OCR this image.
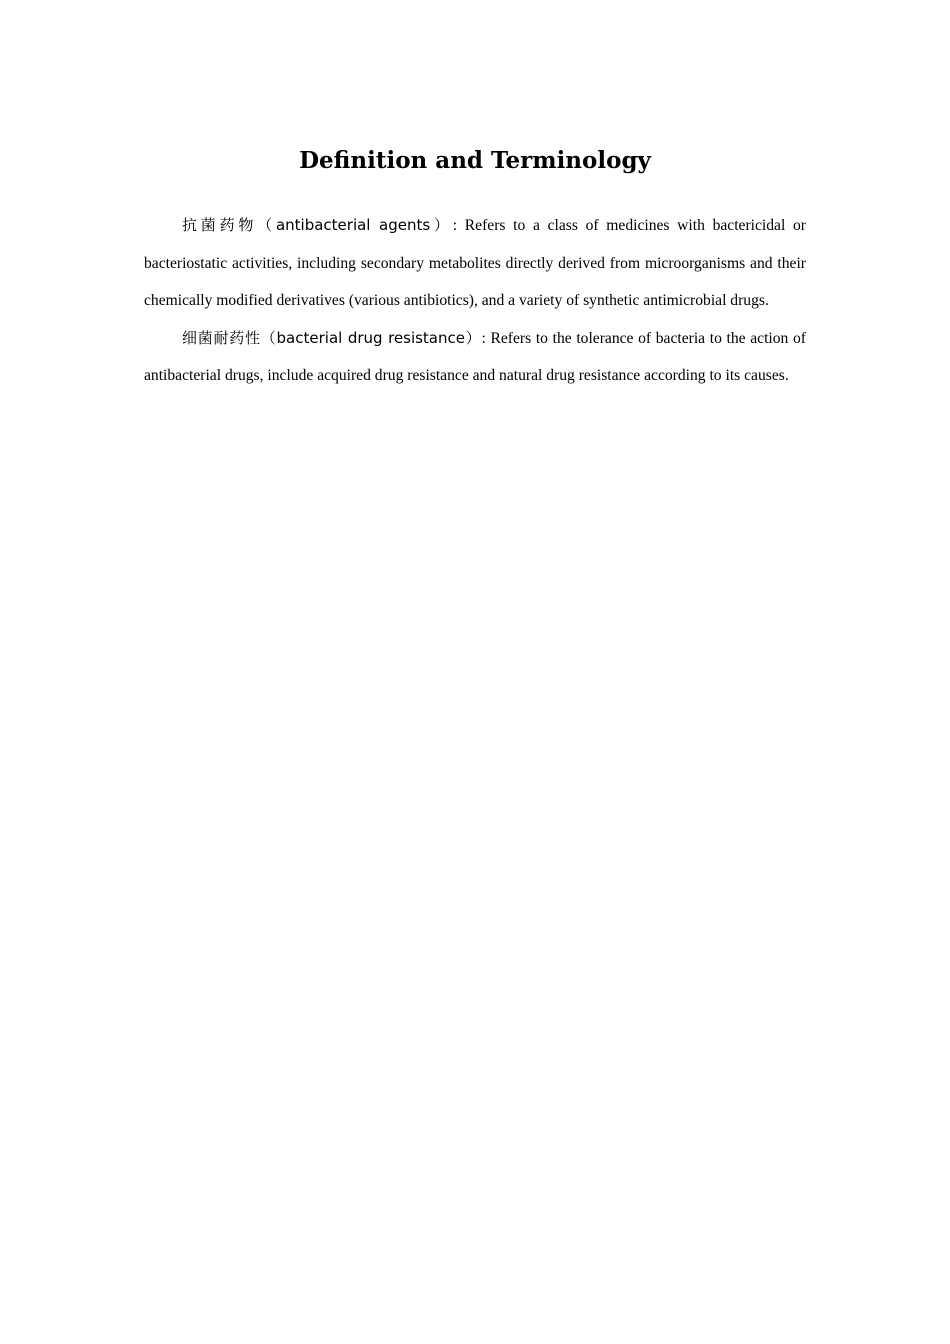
Definition and Terminology

抗菌药物（antibacterial agents）: Refers to a class of medicines with bactericidal or bacteriostatic activities, including secondary metabolites directly derived from microorganisms and their chemically modified derivatives (various antibiotics), and a variety of synthetic antimicrobial drugs.

细菌耐药性（bacterial drug resistance）: Refers to the tolerance of bacteria to the action of antibacterial drugs, include acquired drug resistance and natural drug resistance according to its causes.
